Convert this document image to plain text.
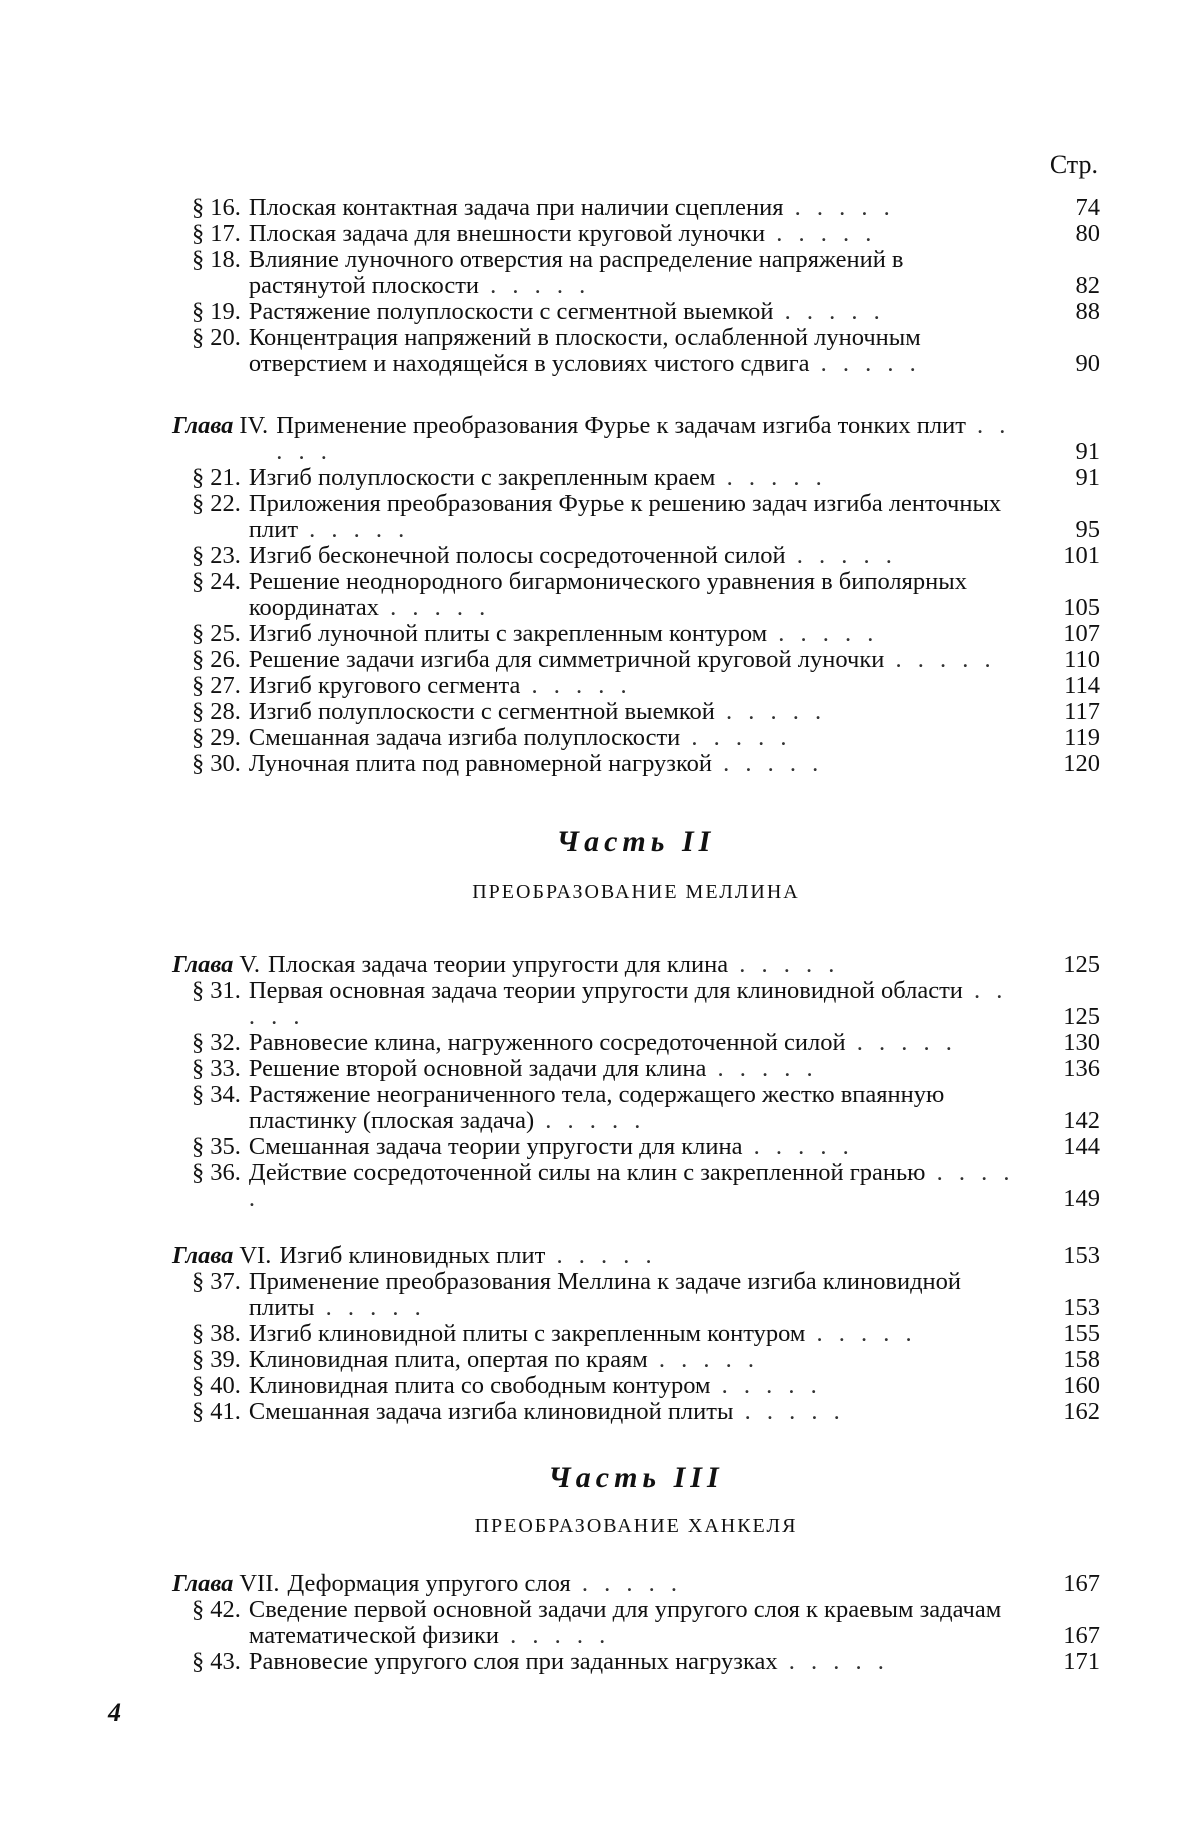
Стр.
§ 16. Плоская контактная задача при наличии сцепления . . . . .	74
§ 17. Плоская задача для внешности круговой луночки . . . . .	80
§ 18. Влияние луночного отверстия на распределение напряжений в растянутой плоскости . . . . .	82
§ 19. Растяжение полуплоскости с сегментной выемкой . . . . .	88
§ 20. Концентрация напряжений в плоскости, ослабленной луночным отверстием и находящейся в условиях чистого сдвига . . . . .	90
Глава IV. Применение преобразования Фурье к задачам изгиба тонких плит . . . . .	91
§ 21. Изгиб полуплоскости с закрепленным краем . . . . .	91
§ 22. Приложения преобразования Фурье к решению задач изгиба ленточных плит . . . . .	95
§ 23. Изгиб бесконечной полосы сосредоточенной силой . . . . .	101
§ 24. Решение неоднородного бигармонического уравнения в биполярных координатах . . . . .	105
§ 25. Изгиб луночной плиты с закрепленным контуром . . . . .	107
§ 26. Решение задачи изгиба для симметричной круговой луночки . . . . .	110
§ 27. Изгиб кругового сегмента . . . . .	114
§ 28. Изгиб полуплоскости с сегментной выемкой . . . . .	117
§ 29. Смешанная задача изгиба полуплоскости . . . . .	119
§ 30. Луночная плита под равномерной нагрузкой . . . . .	120
Часть II
ПРЕОБРАЗОВАНИЕ МЕЛЛИНА
Глава V. Плоская задача теории упругости для клина . . . . .	125
§ 31. Первая основная задача теории упругости для клиновидной области . . . . .	125
§ 32. Равновесие клина, нагруженного сосредоточенной силой . . . . .	130
§ 33. Решение второй основной задачи для клина . . . . .	136
§ 34. Растяжение неограниченного тела, содержащего жестко впаянную пластинку (плоская задача) . . . . .	142
§ 35. Смешанная задача теории упругости для клина . . . . .	144
§ 36. Действие сосредоточенной силы на клин с закрепленной гранью . . . . .	149
Глава VI. Изгиб клиновидных плит . . . . .	153
§ 37. Применение преобразования Меллина к задаче изгиба клиновидной плиты . . . . .	153
§ 38. Изгиб клиновидной плиты с закрепленным контуром . . . . .	155
§ 39. Клиновидная плита, опертая по краям . . . . .	158
§ 40. Клиновидная плита со свободным контуром . . . . .	160
§ 41. Смешанная задача изгиба клиновидной плиты . . . . .	162
Часть III
ПРЕОБРАЗОВАНИЕ ХАНКЕЛЯ
Глава VII. Деформация упругого слоя . . . . .	167
§ 42. Сведение первой основной задачи для упругого слоя к краевым задачам математической физики . . . . .	167
§ 43. Равновесие упругого слоя при заданных нагрузках . . . . .	171
4
